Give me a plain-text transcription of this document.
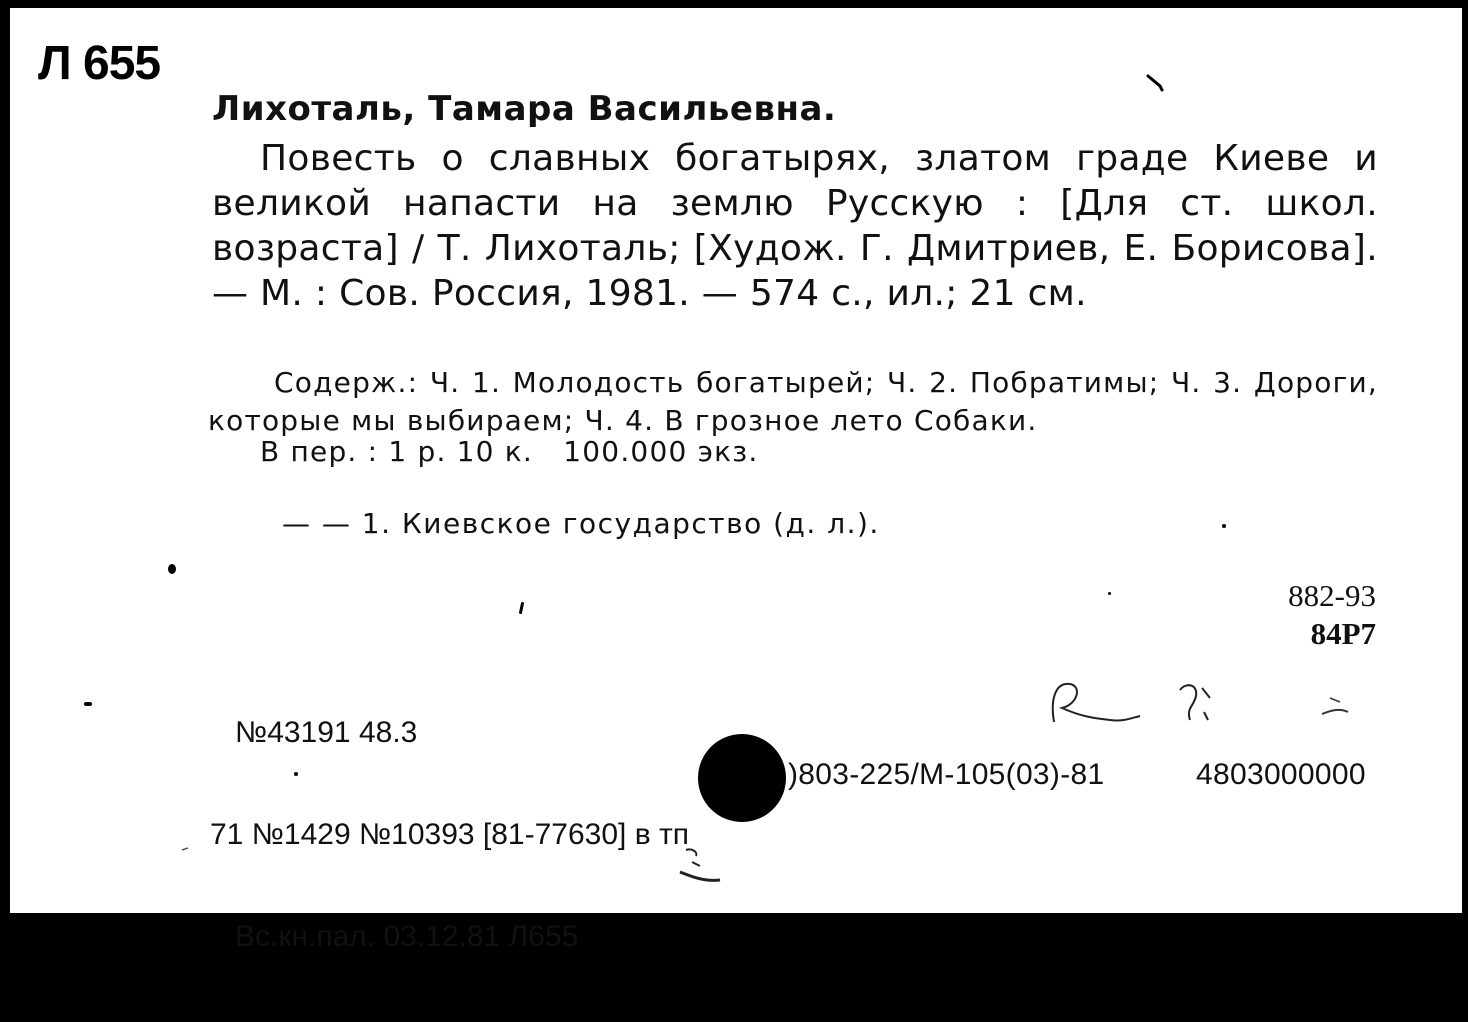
Л 655
Лихоталь, Тамара Васильевна.
Повесть о славных богатырях, златом граде Киеве и великой напасти на землю Русскую : [Для ст. школ. возраста] / Т. Лихоталь; [Худож. Г. Дмитриев, Е. Борисова]. — М. : Сов. Россия, 1981. — 574 с., ил.; 21 см.
Содерж.: Ч. 1. Молодость богатырей; Ч. 2. Побратимы; Ч. 3. Дороги, которые мы выбираем; Ч. 4. В грозное лето Собаки.
В пер. : 1 р. 10 к.   100.000 экз.
— — 1. Киевское государство (д. л.).
882-93
84Р7

№43191 48.3

71 №1429 №10393 [81-77630] в тп

Вс.кн.пал. 03.12.81 Л655

)803-225/М-105(03)-81	4803000000
